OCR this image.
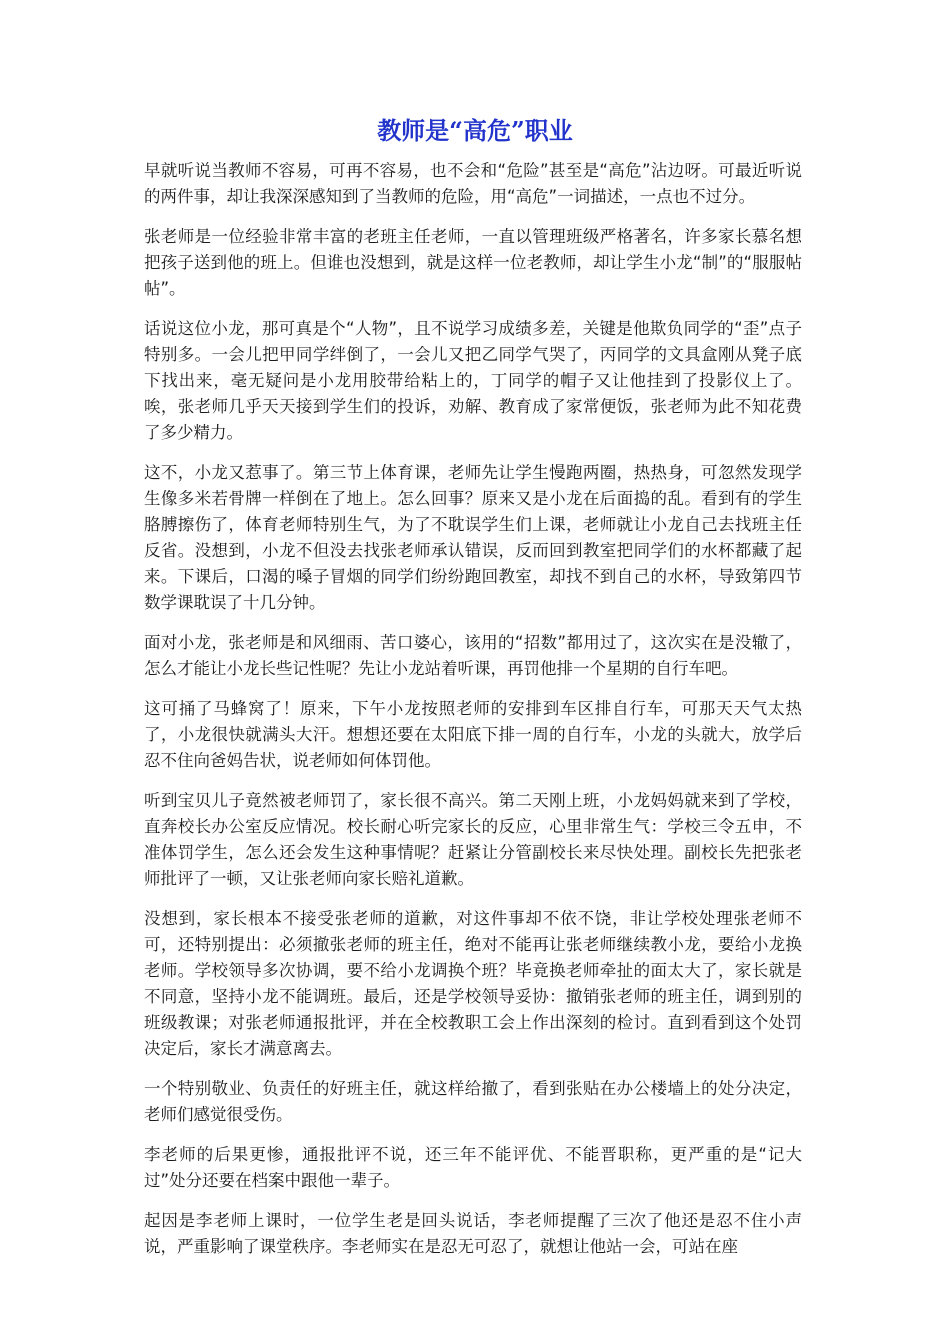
教师是“高危”职业

早就听说当教师不容易，可再不容易，也不会和“危险”甚至是“高危”沾边呀。可最近听说的两件事，却让我深深感知到了当教师的危险，用“高危”一词描述，一点也不过分。

张老师是一位经验非常丰富的老班主任老师，一直以管理班级严格著名，许多家长慕名想把孩子送到他的班上。但谁也没想到，就是这样一位老教师，却让学生小龙“制”的“服服帖帖”。

话说这位小龙，那可真是个“人物”，且不说学习成绩多差，关键是他欺负同学的“歪”点子特别多。一会儿把甲同学绊倒了，一会儿又把乙同学气哭了，丙同学的文具盒刚从凳子底下找出来，毫无疑问是小龙用胶带给粘上的，丁同学的帽子又让他挂到了投影仪上了。唉，张老师几乎天天接到学生们的投诉，劝解、教育成了家常便饭，张老师为此不知花费了多少精力。

这不，小龙又惹事了。第三节上体育课，老师先让学生慢跑两圈，热热身，可忽然发现学生像多米若骨牌一样倒在了地上。怎么回事？原来又是小龙在后面捣的乱。看到有的学生胳膊擦伤了，体育老师特别生气，为了不耽误学生们上课，老师就让小龙自己去找班主任反省。没想到，小龙不但没去找张老师承认错误，反而回到教室把同学们的水杯都藏了起来。下课后，口渴的嗓子冒烟的同学们纷纷跑回教室，却找不到自己的水杯，导致第四节数学课耽误了十几分钟。

面对小龙，张老师是和风细雨、苦口婆心，该用的“招数”都用过了，这次实在是没辙了，怎么才能让小龙长些记性呢？先让小龙站着听课，再罚他排一个星期的自行车吧。

这可捅了马蜂窝了！原来，下午小龙按照老师的安排到车区排自行车，可那天天气太热了，小龙很快就满头大汗。想想还要在太阳底下排一周的自行车，小龙的头就大，放学后忍不住向爸妈告状，说老师如何体罚他。

听到宝贝儿子竟然被老师罚了，家长很不高兴。第二天刚上班，小龙妈妈就来到了学校，直奔校长办公室反应情况。校长耐心听完家长的反应，心里非常生气：学校三令五申，不准体罚学生，怎么还会发生这种事情呢？赶紧让分管副校长来尽快处理。副校长先把张老师批评了一顿，又让张老师向家长赔礼道歉。

没想到，家长根本不接受张老师的道歉，对这件事却不依不饶，非让学校处理张老师不可，还特别提出：必须撤张老师的班主任，绝对不能再让张老师继续教小龙，要给小龙换老师。学校领导多次协调，要不给小龙调换个班？毕竟换老师牵扯的面太大了，家长就是不同意，坚持小龙不能调班。最后，还是学校领导妥协：撤销张老师的班主任，调到别的班级教课；对张老师通报批评，并在全校教职工会上作出深刻的检讨。直到看到这个处罚决定后，家长才满意离去。

一个特别敬业、负责任的好班主任，就这样给撤了，看到张贴在办公楼墙上的处分决定，老师们感觉很受伤。

李老师的后果更惨，通报批评不说，还三年不能评优、不能晋职称，更严重的是“记大过”处分还要在档案中跟他一辈子。

起因是李老师上课时，一位学生老是回头说话，李老师提醒了三次了他还是忍不住小声说，严重影响了课堂秩序。李老师实在是忍无可忍了，就想让他站一会，可站在座
